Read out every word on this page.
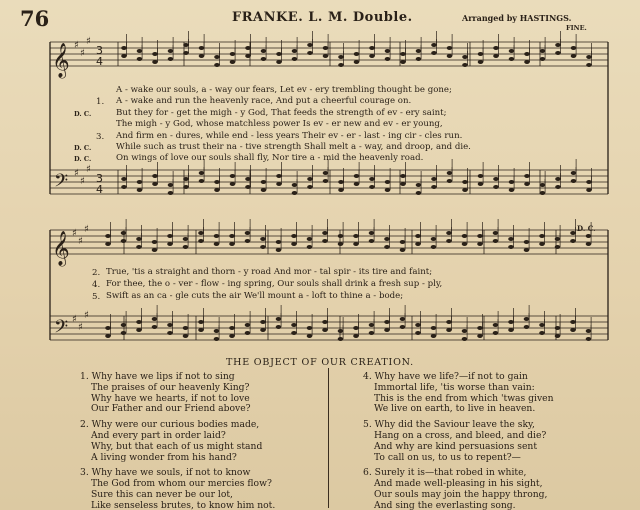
76	FRANKE. L. M. Double.	Arranged by HASTINGS.
FINE.
D. C.
𝄞
𝄢
𝄞
𝄢
♯
♯
♯
♯
♯
♯
♯
♯
♯
♯
♯
♯
3
4
3
4
A - wake our souls, a - way our fears, Let ev - ery trembling thought be gone;
1. A - wake and run the heavenly race, And put a cheerful courage on.
D. C.	But they for - get the migh - y God, That feeds the strength of ev - ery saint;
The migh - y God, whose matchless power Is ev - er new and ev - er young,
3. And firm en - dures, while end - less years Their ev - er - last - ing cir - cles run.
D. C.	While such as trust their na - tive strength Shall melt a - way, and droop, and die.
D. C.	On wings of love our souls shall fly, Nor tire a - mid the heavenly road.
2. True, 'tis a straight and thorn - y road And mor - tal spir - its tire and faint;
4. For thee, the o - ver - flow - ing spring, Our souls shall drink a fresh sup - ply,
5. Swift as an ca - gle cuts the air We'll mount a - loft to thine a - bode;
THE OBJECT OF OUR CREATION.
1. Why have we lips if not to sing
The praises of our heavenly King?
Why have we hearts, if not to love
Our Father and our Friend above?
2. Why were our curious bodies made,
And every part in order laid?
Why, but that each of us might stand
A living wonder from his hand?
3. Why have we souls, if not to know
The God from whom our mercies flow?
Sure this can never be our lot,
Like senseless brutes, to know him not.
4. Why have we life?—if not to gain
Immortal life, 'tis worse than vain:
This is the end from which 'twas given
We live on earth, to live in heaven.
5. Why did the Saviour leave the sky,
Hang on a cross, and bleed, and die?
And why are kind persuasions sent
To call on us, to us to repent?—
6. Surely it is—that robed in white,
And made well-pleasing in his sight,
Our souls may join the happy throng,
And sing the everlasting song.
